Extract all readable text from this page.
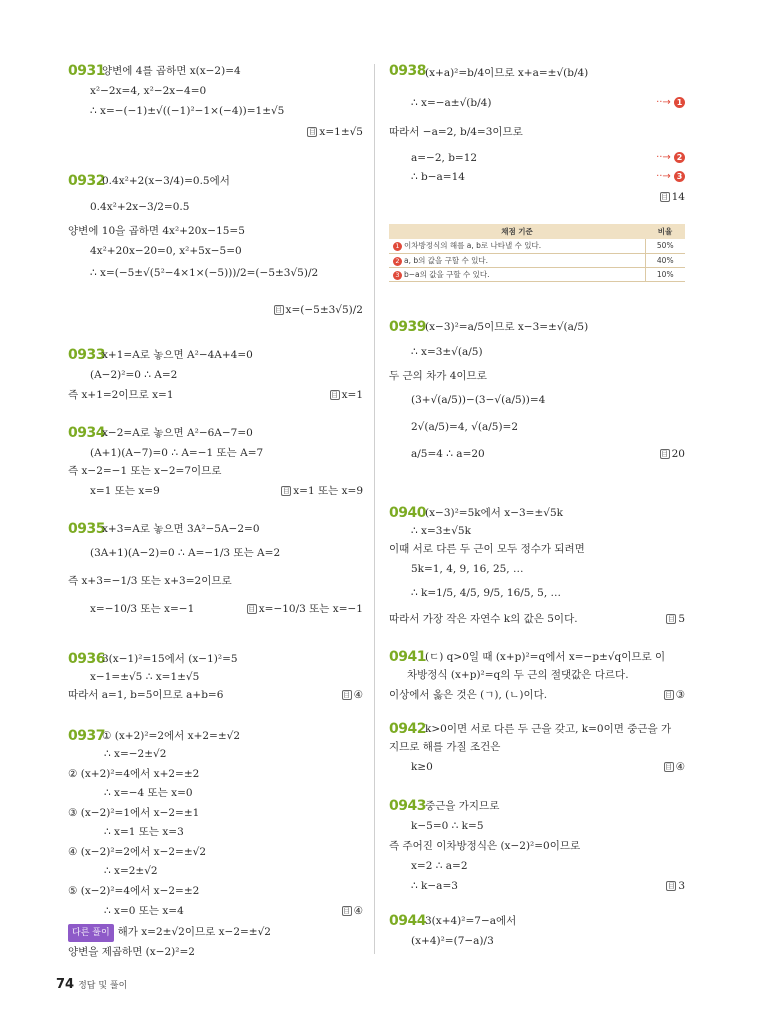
0931
양변에 4를 곱하면 x(x−2)=4
x²−2x=4, x²−2x−4=0
∴ x=−(−1)±√((−1)²−1×(−4))=1±√5
目 x=1±√5
0932
0.4x²+2(x−3/4)=0.5에서
0.4x²+2x−3/2=0.5
양변에 10을 곱하면 4x²+20x−15=5
4x²+20x−20=0, x²+5x−5=0
∴ x=(−5±√(5²−4×1×(−5)))/2=(−5±3√5)/2
目 x=(−5±3√5)/2
0933
x+1=A로 놓으면 A²−4A+4=0
(A−2)²=0 ∴ A=2
즉 x+1=2이므로 x=1	目 x=1
0934
x−2=A로 놓으면 A²−6A−7=0
(A+1)(A−7)=0 ∴ A=−1 또는 A=7
즉 x−2=−1 또는 x−2=7이므로
x=1 또는 x=9	目 x=1 또는 x=9
0935
x+3=A로 놓으면 3A²−5A−2=0
(3A+1)(A−2)=0 ∴ A=−1/3 또는 A=2
즉 x+3=−1/3 또는 x+3=2이므로
x=−10/3 또는 x=−1	目 x=−10/3 또는 x=−1
0936
3(x−1)²=15에서 (x−1)²=5
x−1=±√5 ∴ x=1±√5
따라서 a=1, b=5이므로 a+b=6	目 ④
0937
① (x+2)²=2에서 x+2=±√2
∴ x=−2±√2
② (x+2)²=4에서 x+2=±2
∴ x=−4 또는 x=0
③ (x−2)²=1에서 x−2=±1
∴ x=1 또는 x=3
④ (x−2)²=2에서 x−2=±√2
∴ x=2±√2
⑤ (x−2)²=4에서 x−2=±2
∴ x=0 또는 x=4
다른 풀이 해가 x=2±√2이므로 x−2=±√2
양변을 제곱하면 (x−2)²=2
目 ④
0938 (x+a)²=b/4이므로 x+a=±√(b/4)
∴ x=−a±√(b/4)
따라서 −a=2, b/4=3이므로
a=−2, b=12
∴ b−a=14
··→ 1
··→ 2
··→ 3
目 14
0939 (x−3)²=a/5이므로 x−3=±√(a/5)
∴ x=3±√(a/5)
두 근의 차가 4이므로
(3+√(a/5))−(3−√(a/5))=4
2√(a/5)=4, √(a/5)=2
a/5=4 ∴ a=20	目 20
0940 (x−3)²=5k에서 x−3=±√5k
∴ x=3±√5k
이때 서로 다른 두 근이 모두 정수가 되려면
5k=1, 4, 9, 16, 25, …
∴ k=1/5, 4/5, 9/5, 16/5, 5, …
따라서 가장 작은 자연수 k의 값은 5이다.	目 5
0941 (ㄷ) q>0일 때 (x+p)²=q에서 x=−p±√q이므로 이
차방정식 (x+p)²=q의 두 근의 절댓값은 다르다.
이상에서 옳은 것은 (ㄱ), (ㄴ)이다.	目 ③
0942 k>0이면 서로 다른 두 근을 갖고, k=0이면 중근을 가
지므로 해를 가질 조건은
k≥0	目 ④
0943 중근을 가지므로
k−5=0 ∴ k=5
즉 주어진 이차방정식은 (x−2)²=0이므로
x=2 ∴ a=2
∴ k−a=3	目 3
0944 3(x+4)²=7−a에서
(x+4)²=(7−a)/3
채점 기준	비율
1 이차방정식의 해를 a, b로 나타낼 수 있다.	50%
2 a, b의 값을 구할 수 있다.	40%
3 b−a의 값을 구할 수 있다.	10%
74 정답 및 풀이
